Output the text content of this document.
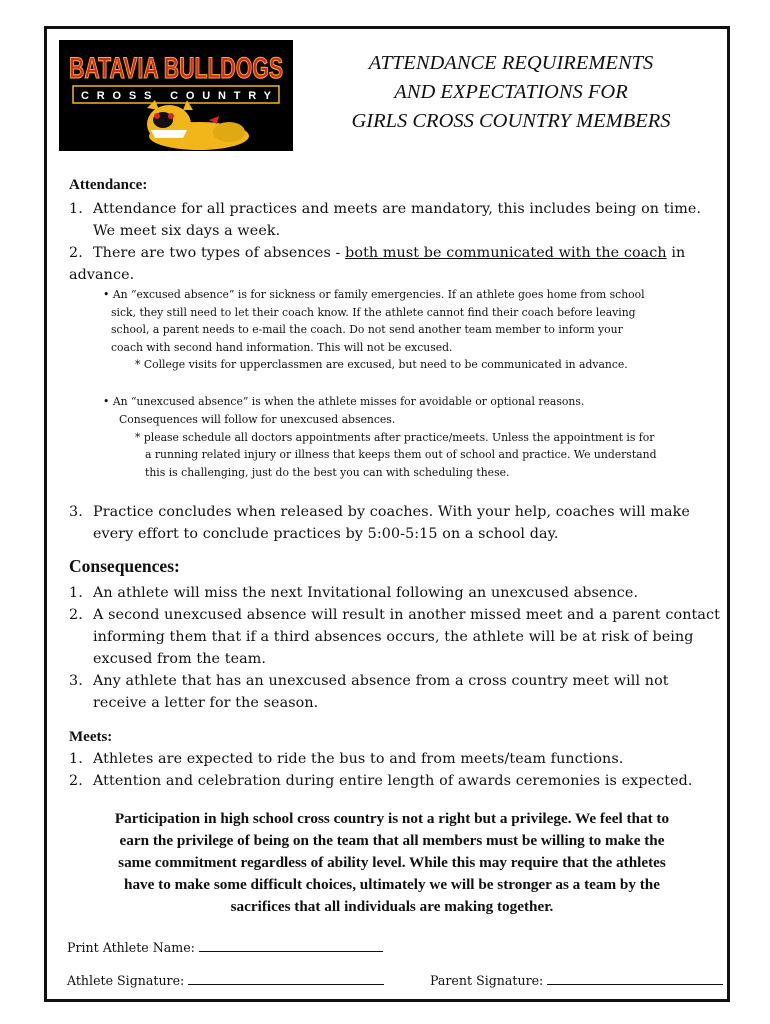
BATAVIA BULLDOGS
CROSS COUNTRY
ATTENDANCE REQUIREMENTS
AND EXPECTATIONS FOR
GIRLS CROSS COUNTRY MEMBERS
Attendance:
1. Attendance for all practices and meets are mandatory, this includes being on time.
We meet six days a week.
2. There are two types of absences - both must be communicated with the coach in
advance.
• An “excused absence” is for sickness or family emergencies. If an athlete goes home from school
sick, they still need to let their coach know. If the athlete cannot find their coach before leaving
school, a parent needs to e-mail the coach. Do not send another team member to inform your
coach with second hand information. This will not be excused.
* College visits for upperclassmen are excused, but need to be communicated in advance.
• An “unexcused absence” is when the athlete misses for avoidable or optional reasons.
Consequences will follow for unexcused absences.
* please schedule all doctors appointments after practice/meets. Unless the appointment is for
a running related injury or illness that keeps them out of school and practice. We understand
this is challenging, just do the best you can with scheduling these.
3. Practice concludes when released by coaches. With your help, coaches will make
every effort to conclude practices by 5:00-5:15 on a school day.
Consequences:
1. An athlete will miss the next Invitational following an unexcused absence.
2. A second unexcused absence will result in another missed meet and a parent contact
informing them that if a third absences occurs, the athlete will be at risk of being
excused from the team.
3. Any athlete that has an unexcused absence from a cross country meet will not
receive a letter for the season.
Meets:
1. Athletes are expected to ride the bus to and from meets/team functions.
2. Attention and celebration during entire length of awards ceremonies is expected.
Participation in high school cross country is not a right but a privilege. We feel that to
earn the privilege of being on the team that all members must be willing to make the
same commitment regardless of ability level. While this may require that the athletes
have to make some difficult choices, ultimately we will be stronger as a team by the
sacrifices that all individuals are making together.
Print Athlete Name:
Athlete Signature:	Parent Signature:
